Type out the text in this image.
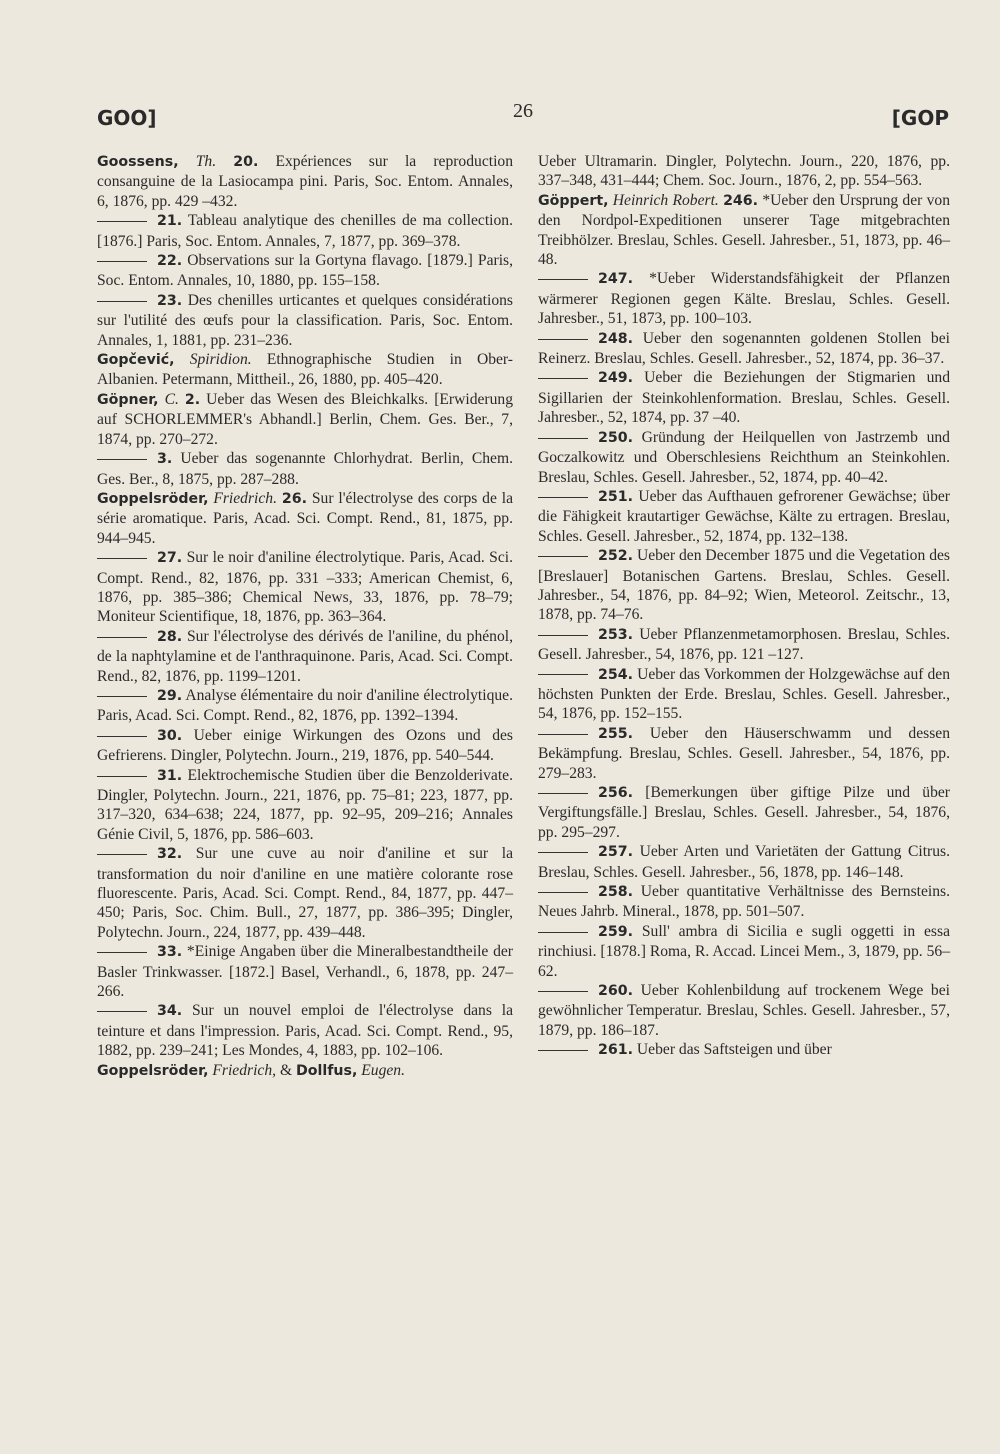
GOO]	26	[GOP

Goossens, Th. 20. Expériences sur la reproduction consanguine de la Lasiocampa pini. Paris, Soc. Entom. Annales, 6, 1876, pp. 429 –432.

21. Tableau analytique des chenilles de ma collection. [1876.] Paris, Soc. Entom. Annales, 7, 1877, pp. 369–378.

22. Observations sur la Gortyna flavago. [1879.] Paris, Soc. Entom. Annales, 10, 1880, pp. 155–158.

23. Des chenilles urticantes et quelques considérations sur l'utilité des œufs pour la classification. Paris, Soc. Entom. Annales, 1, 1881, pp. 231–236.

Gopčević, Spiridion. Ethnographische Studien in Ober-Albanien. Petermann, Mittheil., 26, 1880, pp. 405–420.

Göpner, C. 2. Ueber das Wesen des Bleichkalks. [Erwiderung auf SCHORLEMMER's Abhandl.] Berlin, Chem. Ges. Ber., 7, 1874, pp. 270–272.

3. Ueber das sogenannte Chlorhydrat. Berlin, Chem. Ges. Ber., 8, 1875, pp. 287–288.

Goppelsröder, Friedrich. 26. Sur l'électrolyse des corps de la série aromatique. Paris, Acad. Sci. Compt. Rend., 81, 1875, pp. 944–945.

27. Sur le noir d'aniline électrolytique. Paris, Acad. Sci. Compt. Rend., 82, 1876, pp. 331 –333; American Chemist, 6, 1876, pp. 385–386; Chemical News, 33, 1876, pp. 78–79; Moniteur Scientifique, 18, 1876, pp. 363–364.

28. Sur l'électrolyse des dérivés de l'aniline, du phénol, de la naphtylamine et de l'anthraquinone. Paris, Acad. Sci. Compt. Rend., 82, 1876, pp. 1199–1201.

29. Analyse élémentaire du noir d'aniline électrolytique. Paris, Acad. Sci. Compt. Rend., 82, 1876, pp. 1392–1394.

30. Ueber einige Wirkungen des Ozons und des Gefrierens. Dingler, Polytechn. Journ., 219, 1876, pp. 540–544.

31. Elektrochemische Studien über die Benzolderivate. Dingler, Polytechn. Journ., 221, 1876, pp. 75–81; 223, 1877, pp. 317–320, 634–638; 224, 1877, pp. 92–95, 209–216; Annales Génie Civil, 5, 1876, pp. 586–603.

32. Sur une cuve au noir d'aniline et sur la transformation du noir d'aniline en une matière colorante rose fluorescente. Paris, Acad. Sci. Compt. Rend., 84, 1877, pp. 447–450; Paris, Soc. Chim. Bull., 27, 1877, pp. 386–395; Dingler, Polytechn. Journ., 224, 1877, pp. 439–448.

33. *Einige Angaben über die Mineralbestandtheile der Basler Trinkwasser. [1872.] Basel, Verhandl., 6, 1878, pp. 247–266.

34. Sur un nouvel emploi de l'électrolyse dans la teinture et dans l'impression. Paris, Acad. Sci. Compt. Rend., 95, 1882, pp. 239–241; Les Mondes, 4, 1883, pp. 102–106.

Goppelsröder, Friedrich, & Dollfus, Eugen.

Ueber Ultramarin. Dingler, Polytechn. Journ., 220, 1876, pp. 337–348, 431–444; Chem. Soc. Journ., 1876, 2, pp. 554–563.

Göppert, Heinrich Robert. 246. *Ueber den Ursprung der von den Nordpol-Expeditionen unserer Tage mitgebrachten Treibhölzer. Breslau, Schles. Gesell. Jahresber., 51, 1873, pp. 46–48.

247. *Ueber Widerstandsfähigkeit der Pflanzen wärmerer Regionen gegen Kälte. Breslau, Schles. Gesell. Jahresber., 51, 1873, pp. 100–103.

248. Ueber den sogenannten goldenen Stollen bei Reinerz. Breslau, Schles. Gesell. Jahresber., 52, 1874, pp. 36–37.

249. Ueber die Beziehungen der Stigmarien und Sigillarien der Steinkohlenformation. Breslau, Schles. Gesell. Jahresber., 52, 1874, pp. 37 –40.

250. Gründung der Heilquellen von Jastrzemb und Goczalkowitz und Oberschlesiens Reichthum an Steinkohlen. Breslau, Schles. Gesell. Jahresber., 52, 1874, pp. 40–42.

251. Ueber das Aufthauen gefrorener Gewächse; über die Fähigkeit krautartiger Gewächse, Kälte zu ertragen. Breslau, Schles. Gesell. Jahresber., 52, 1874, pp. 132–138.

252. Ueber den December 1875 und die Vegetation des [Breslauer] Botanischen Gartens. Breslau, Schles. Gesell. Jahresber., 54, 1876, pp. 84–92; Wien, Meteorol. Zeitschr., 13, 1878, pp. 74–76.

253. Ueber Pflanzenmetamorphosen. Breslau, Schles. Gesell. Jahresber., 54, 1876, pp. 121 –127.

254. Ueber das Vorkommen der Holzgewächse auf den höchsten Punkten der Erde. Breslau, Schles. Gesell. Jahresber., 54, 1876, pp. 152–155.

255. Ueber den Häuserschwamm und dessen Bekämpfung. Breslau, Schles. Gesell. Jahresber., 54, 1876, pp. 279–283.

256. [Bemerkungen über giftige Pilze und über Vergiftungsfälle.] Breslau, Schles. Gesell. Jahresber., 54, 1876, pp. 295–297.

257. Ueber Arten und Varietäten der Gattung Citrus. Breslau, Schles. Gesell. Jahresber., 56, 1878, pp. 146–148.

258. Ueber quantitative Verhältnisse des Bernsteins. Neues Jahrb. Mineral., 1878, pp. 501–507.

259. Sull' ambra di Sicilia e sugli oggetti in essa rinchiusi. [1878.] Roma, R. Accad. Lincei Mem., 3, 1879, pp. 56–62.

260. Ueber Kohlenbildung auf trockenem Wege bei gewöhnlicher Temperatur. Breslau, Schles. Gesell. Jahresber., 57, 1879, pp. 186–187.

261. Ueber das Saftsteigen und über
